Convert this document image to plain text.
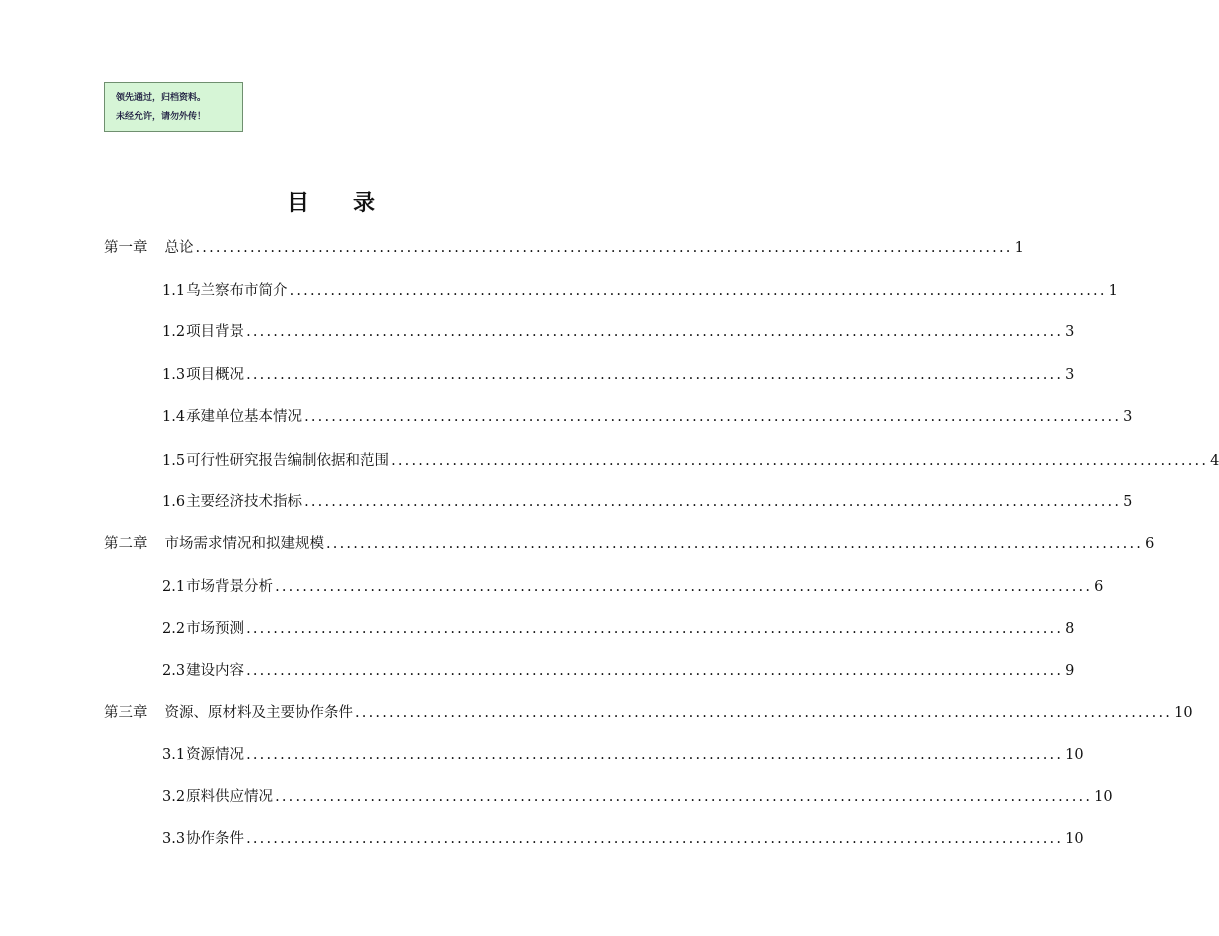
领先通过，归档资料。
未经允许，请勿外传！
目录
第一章 总论 ........................................................................................................................ 1
1.1乌兰察布市简介 ........................................................................................................................ 1
1.2项目背景 ........................................................................................................................ 3
1.3项目概况 ........................................................................................................................ 3
1.4承建单位基本情况 ........................................................................................................................ 3
1.5可行性研究报告编制依据和范围 ........................................................................................................................ 4
1.6主要经济技术指标 ........................................................................................................................ 5
第二章 市场需求情况和拟建规模 ........................................................................................................................ 6
2.1市场背景分析 ........................................................................................................................ 6
2.2市场预测 ........................................................................................................................ 8
2.3建设内容 ........................................................................................................................ 9
第三章 资源、原材料及主要协作条件 ........................................................................................................................ 10
3.1资源情况 ........................................................................................................................ 10
3.2原料供应情况 ........................................................................................................................ 10
3.3协作条件 ........................................................................................................................ 10
